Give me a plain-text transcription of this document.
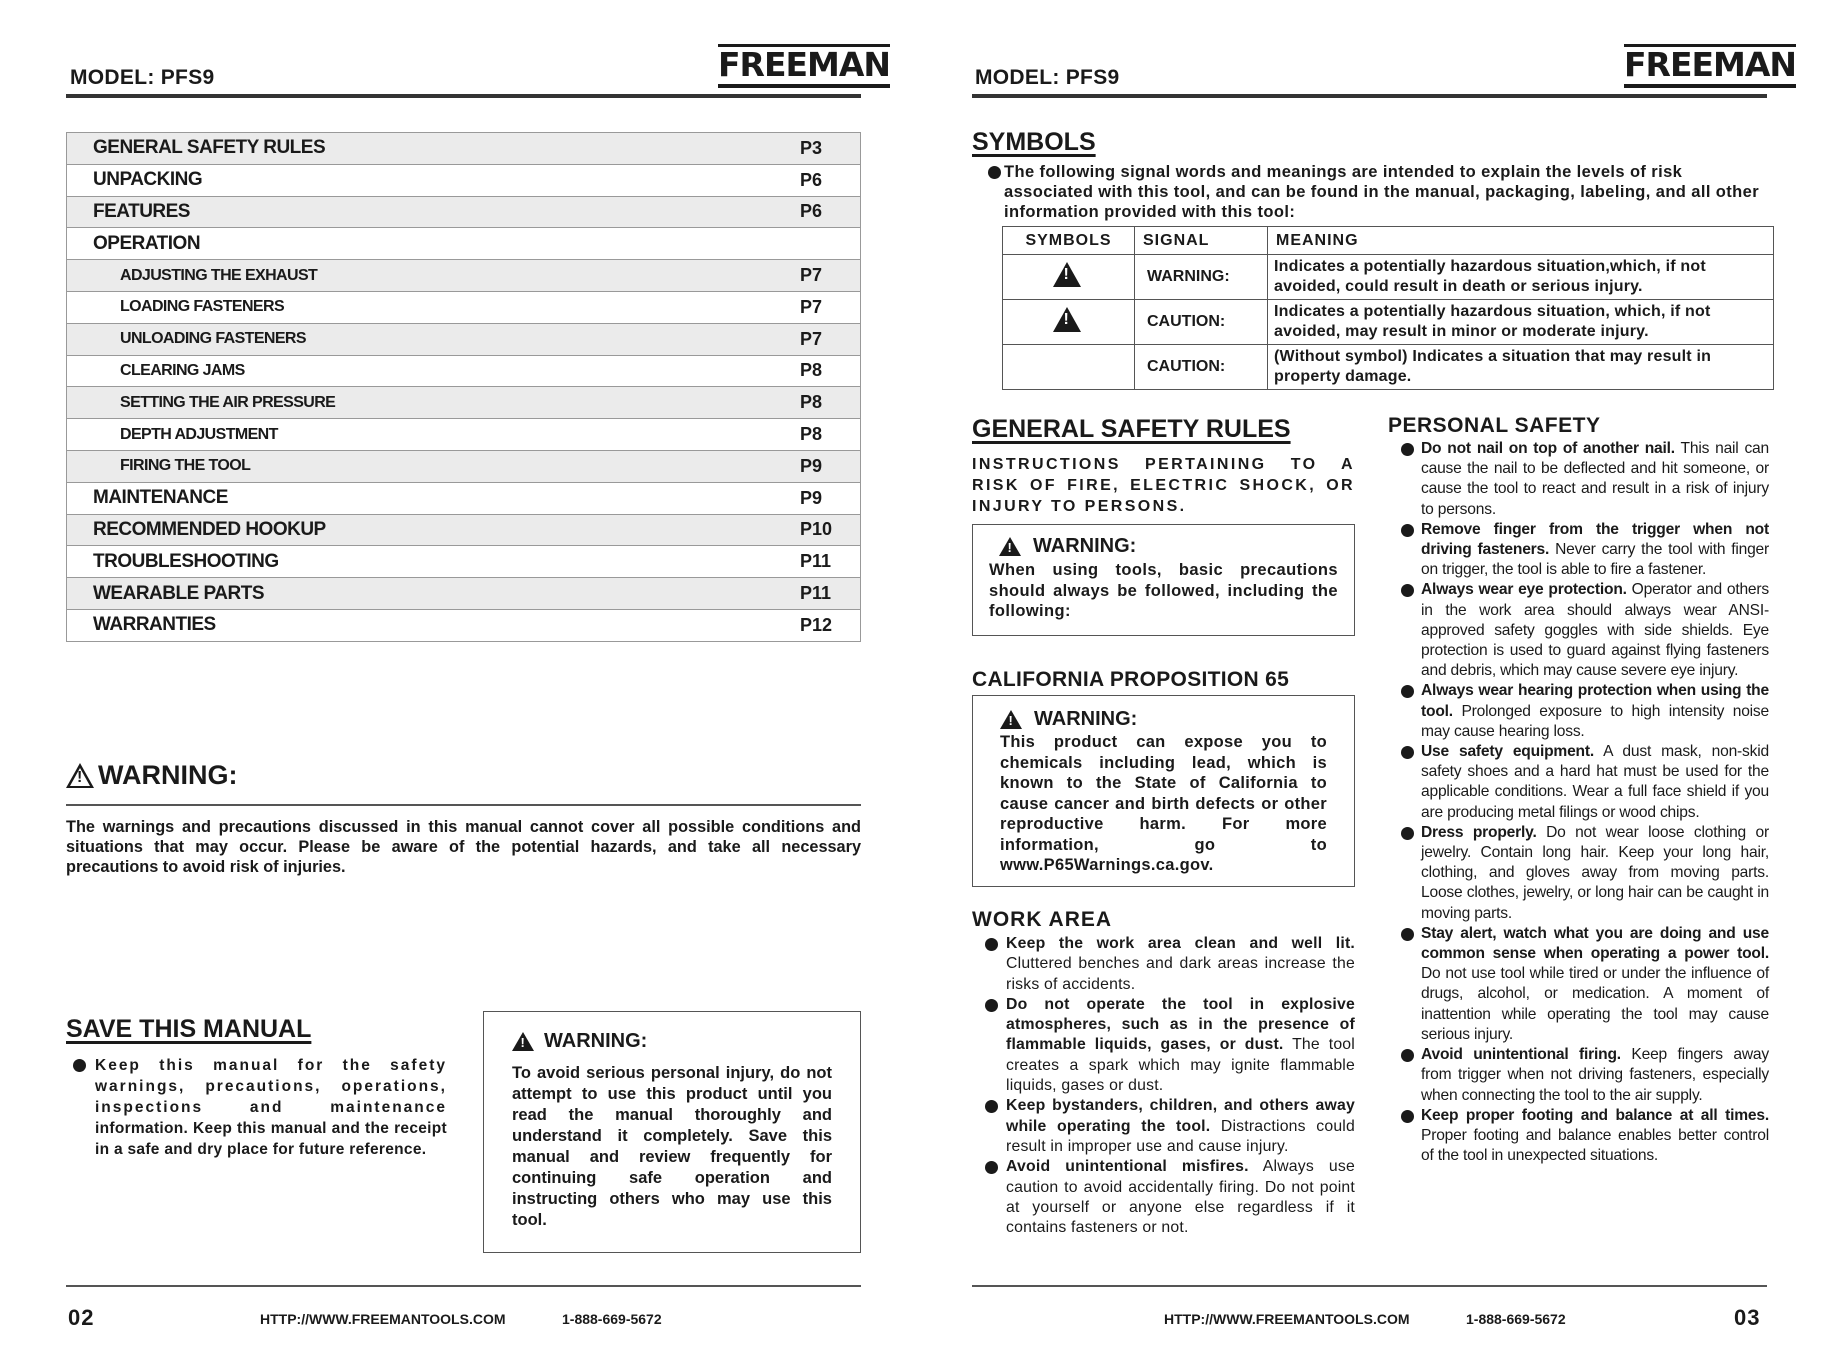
MODEL: PFS9	FREEMAN
GENERAL SAFETY RULES	P3
UNPACKING	P6
FEATURES	P6
OPERATION
ADJUSTING THE EXHAUST	P7
LOADING FASTENERS	P7
UNLOADING FASTENERS	P7
CLEARING JAMS	P8
SETTING THE AIR PRESSURE	P8
DEPTH ADJUSTMENT	P8
FIRING THE TOOL	P9
MAINTENANCE	P9
RECOMMENDED HOOKUP	P10
TROUBLESHOOTING	P11
WEARABLE PARTS	P11
WARRANTIES	P12
!
WARNING:
The warnings and precautions discussed in this manual cannot cover all possible conditions and situations that may occur. Please be aware of the potential hazards, and take all necessary precautions to avoid risk of injuries.
SAVE THIS MANUAL
Keep this manual for the safety warnings, precautions, operations, inspections and maintenance information. Keep this manual and the receipt in a safe and dry place for future reference.
!
WARNING:
To avoid serious personal injury, do not attempt to use this product until you read the manual thoroughly and understand it completely. Save this manual and review frequently for continuing safe operation and instructing others who may use this tool.
02	HTTP://WWW.FREEMANTOOLS.COM	1-888-669-5672
MODEL: PFS9	FREEMAN
SYMBOLS
The following signal words and meanings are intended to explain the levels of risk associated with this tool, and can be found in the manual, packaging, labeling, and all other information provided with this tool:
SYMBOLS	SIGNAL	MEANING
!	WARNING:	Indicates a potentially hazardous situation,which, if not avoided, could result in death or serious injury.
!	CAUTION:	Indicates a potentially hazardous situation, which, if not avoided, may result in minor or moderate injury.
	CAUTION:	(Without symbol) Indicates a situation that may result in property damage.
GENERAL SAFETY RULES
INSTRUCTIONS PERTAINING TO A RISK OF FIRE, ELECTRIC SHOCK, OR INJURY TO PERSONS.
!
WARNING:
When using tools, basic precautions should always be followed, including the following:
CALIFORNIA PROPOSITION 65
!
WARNING:
This product can expose you to chemicals including lead, which is known to the State of California to cause cancer and birth defects or other reproductive harm. For more information, go to www.P65Warnings.ca.gov.
WORK AREA
Keep the work area clean and well lit. Cluttered benches and dark areas increase the risks of accidents.
Do not operate the tool in explosive atmospheres, such as in the presence of flammable liquids, gases, or dust. The tool creates a spark which may ignite flammable liquids, gases or dust.
Keep bystanders, children, and others away while operating the tool. Distractions could result in improper use and cause injury.
Avoid unintentional misfires. Always use caution to avoid accidentally firing. Do not point at yourself or anyone else regardless if it contains fasteners or not.
PERSONAL SAFETY
Do not nail on top of another nail. This nail can cause the nail to be deflected and hit someone, or cause the tool to react and result in a risk of injury to persons.
Remove finger from the trigger when not driving fasteners. Never carry the tool with finger on trigger, the tool is able to fire a fastener.
Always wear eye protection. Operator and others in the work area should always wear ANSI-approved safety goggles with side shields. Eye protection is used to guard against flying fasteners and debris, which may cause severe eye injury.
Always wear hearing protection when using the tool. Prolonged exposure to high intensity noise may cause hearing loss.
Use safety equipment. A dust mask, non-skid safety shoes and a hard hat must be used for the applicable conditions. Wear a full face shield if you are producing metal filings or wood chips.
Dress properly. Do not wear loose clothing or jewelry. Contain long hair. Keep your long hair, clothing, and gloves away from moving parts. Loose clothes, jewelry, or long hair can be caught in moving parts.
Stay alert, watch what you are doing and use common sense when operating a power tool. Do not use tool while tired or under the influence of drugs, alcohol, or medication. A moment of inattention while operating the tool may cause serious injury.
Avoid unintentional firing. Keep fingers away from trigger when not driving fasteners, especially when connecting the tool to the air supply.
Keep proper footing and balance at all times. Proper footing and balance enables better control of the tool in unexpected situations.
HTTP://WWW.FREEMANTOOLS.COM	1-888-669-5672	03
